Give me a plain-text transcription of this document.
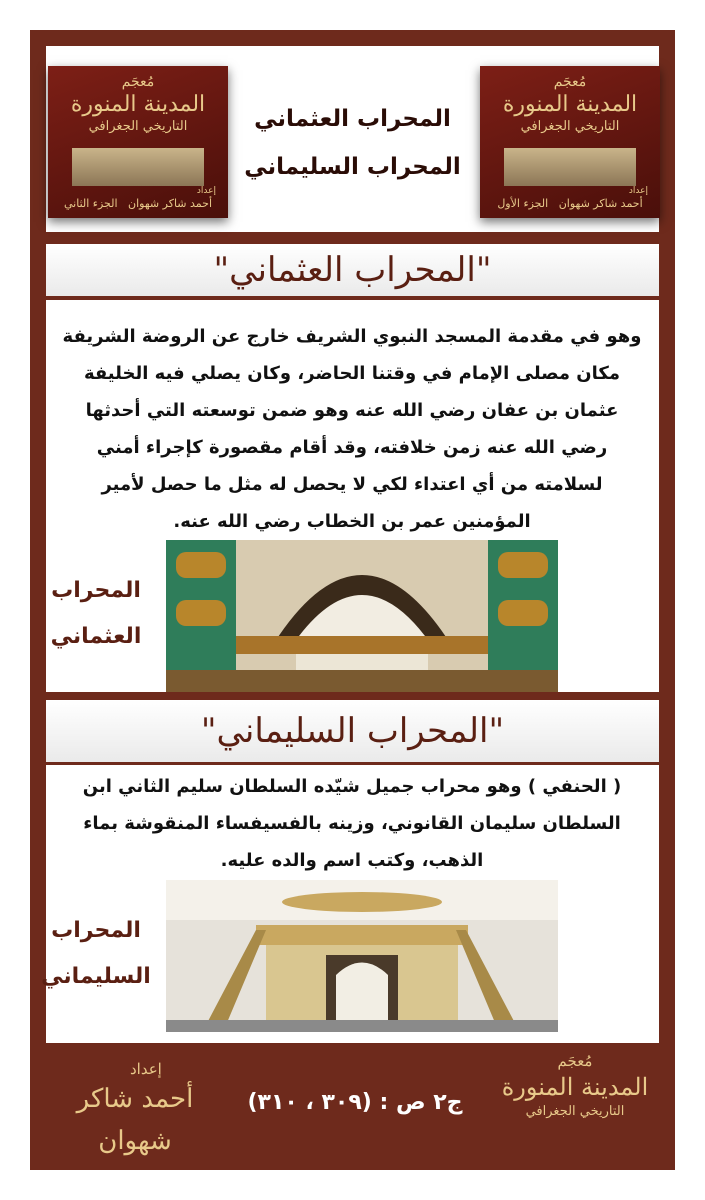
مُعجَم
المدينة المنورة
التاريخي الجغرافي
إعداد
أحمد شاكر شهوان   الجزء الثاني
مُعجَم
المدينة المنورة
التاريخي الجغرافي
إعداد
أحمد شاكر شهوان   الجزء الأول
المحراب العثماني
المحراب السليماني
"المحراب العثماني"
وهو في مقدمة المسجد النبوي الشريف خارج عن الروضة الشريفة مكان مصلى الإمام في وقتنا الحاضر، وكان يصلي فيه الخليفة عثمان بن عفان رضي الله عنه وهو ضمن توسعته التي أحدثها رضي الله عنه زمن خلافته، وقد أقام مقصورة كإجراء أمني لسلامته من أي اعتداء لكي لا يحصل له مثل ما حصل لأمير المؤمنين عمر بن الخطاب رضي الله عنه.
المحراب
العثماني
"المحراب السليماني"
( الحنفي ) وهو محراب جميل شيّده السلطان سليم الثاني ابن السلطان سليمان القانوني، وزينه بالفسيفساء المنقوشة بماء الذهب، وكتب اسم والده عليه.
المحراب
السليماني
مُعجَم
المدينة المنورة
التاريخي الجغرافي
ج٢ ص : (٣٠٩ ، ٣١٠)
إعداد
أحمد شاكر شهوان
